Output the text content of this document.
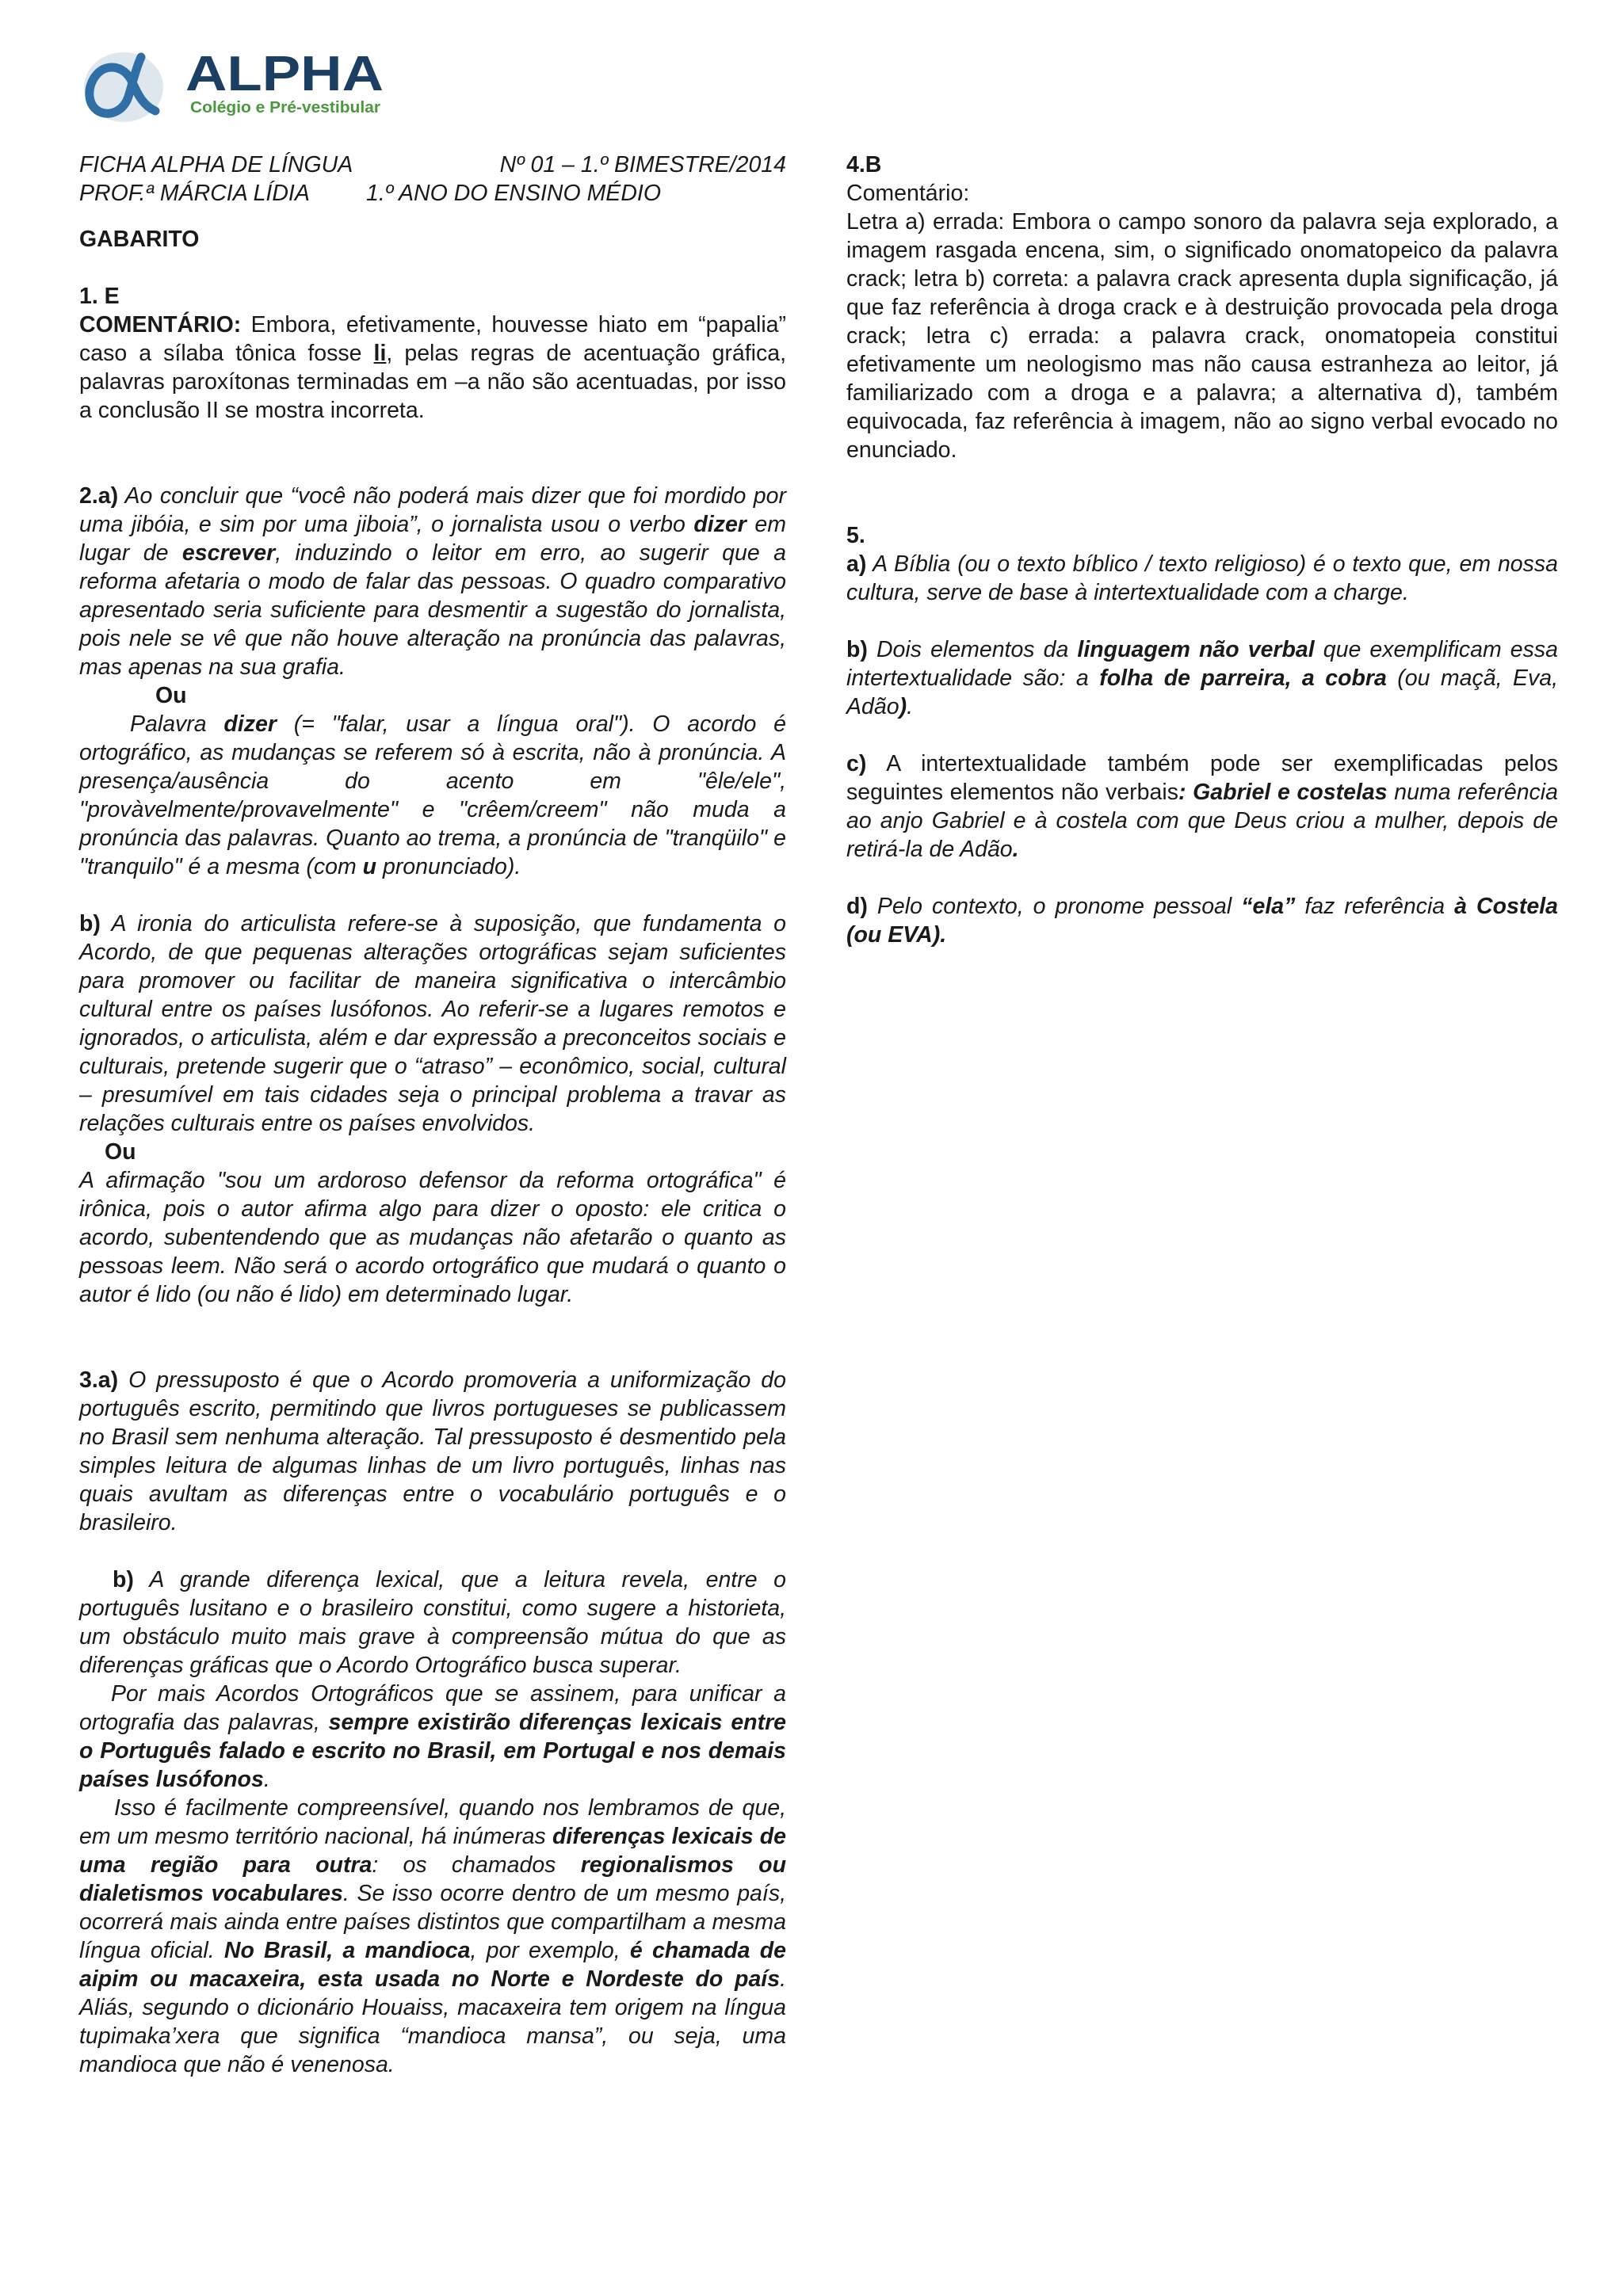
ALPHA
Colégio e Pré-vestibular
FICHA ALPHA DE LÍNGUA	Nº 01 – 1.º BIMESTRE/2014
PROF.ª MÁRCIA LÍDIA	1.º ANO DO ENSINO MÉDIO
GABARITO
1. E

COMENTÁRIO: Embora, efetivamente, houvesse hiato em “papalia” caso a sílaba tônica fosse li, pelas regras de acentuação gráfica, palavras paroxítonas terminadas em –a não são acentuadas, por isso a conclusão II se mostra incorreta.

2.a) Ao concluir que “você não poderá mais dizer que foi mordido por uma jibóia, e sim por uma jiboia”, o jornalista usou o verbo dizer em lugar de escrever, induzindo o leitor em erro, ao sugerir que a reforma afetaria o modo de falar das pessoas. O quadro comparativo apresentado seria suficiente para desmentir a sugestão do jornalista, pois nele se vê que não houve alteração na pronúncia das palavras, mas apenas na sua grafia.

Ou

Palavra dizer (= "falar, usar a língua oral"). O acordo é ortográfico, as mudanças se referem só à escrita, não à pronúncia. A presença/ausência do acento em "êle/ele", "provàvelmente/provavelmente" e "crêem/creem" não muda a pronúncia das palavras. Quanto ao trema, a pronúncia de "tranqüilo" e "tranquilo" é a mesma (com u pronunciado).

b) A ironia do articulista refere-se à suposição, que fundamenta o Acordo, de que pequenas alterações ortográficas sejam suficientes para promover ou facilitar de maneira significativa o intercâmbio cultural entre os países lusófonos. Ao referir-se a lugares remotos e ignorados, o articulista, além e dar expressão a preconceitos sociais e culturais, pretende sugerir que o “atraso” – econômico, social, cultural – presumível em tais cidades seja o principal problema a travar as relações culturais entre os países envolvidos.

Ou

A afirmação "sou um ardoroso defensor da reforma ortográfica" é irônica, pois o autor afirma algo para dizer o oposto: ele critica o acordo, subentendendo que as mudanças não afetarão o quanto as pessoas leem. Não será o acordo ortográfico que mudará o quanto o autor é lido (ou não é lido) em determinado lugar.

3.a) O pressuposto é que o Acordo promoveria a uniformização do português escrito, permitindo que livros portugueses se publicassem no Brasil sem nenhuma alteração. Tal pressuposto é desmentido pela simples leitura de algumas linhas de um livro português, linhas nas quais avultam as diferenças entre o vocabulário português e o brasileiro.

b) A grande diferença lexical, que a leitura revela, entre o português lusitano e o brasileiro constitui, como sugere a historieta, um obstáculo muito mais grave à compreensão mútua do que as diferenças gráficas que o Acordo Ortográfico busca superar.

Por mais Acordos Ortográficos que se assinem, para unificar a ortografia das palavras, sempre existirão diferenças lexicais entre o Português falado e escrito no Brasil, em Portugal e nos demais países lusófonos.

Isso é facilmente compreensível, quando nos lembramos de que, em um mesmo território nacional, há inúmeras diferenças lexicais de uma região para outra: os chamados regionalismos ou dialetismos vocabulares. Se isso ocorre dentro de um mesmo país, ocorrerá mais ainda entre países distintos que compartilham a mesma língua oficial. No Brasil, a mandioca, por exemplo, é chamada de aipim ou macaxeira, esta usada no Norte e Nordeste do país. Aliás, segundo o dicionário Houaiss, macaxeira tem origem na língua tupimaka’xera que significa “mandioca mansa”, ou seja, uma mandioca que não é venenosa.

4.B
Comentário:

Letra a) errada: Embora o campo sonoro da palavra seja explorado, a imagem rasgada encena, sim, o significado onomatopeico da palavra crack; letra b) correta: a palavra crack apresenta dupla significação, já que faz referência à droga crack e à destruição provocada pela droga crack; letra c) errada: a palavra crack, onomatopeia constitui efetivamente um neologismo mas não causa estranheza ao leitor, já familiarizado com a droga e a palavra; a alternativa d), também equivocada, faz referência à imagem, não ao signo verbal evocado no enunciado.

5.

a) A Bíblia (ou o texto bíblico / texto religioso) é o texto que, em nossa cultura, serve de base à intertextualidade com a charge.

b) Dois elementos da linguagem não verbal que exemplificam essa intertextualidade são: a folha de parreira, a cobra (ou maçã, Eva, Adão).

c) A intertextualidade também pode ser exemplificadas pelos seguintes elementos não verbais: Gabriel e costelas numa referência ao anjo Gabriel e à costela com que Deus criou a mulher, depois de retirá-la de Adão.

d) Pelo contexto, o pronome pessoal “ela” faz referência à Costela (ou EVA).
